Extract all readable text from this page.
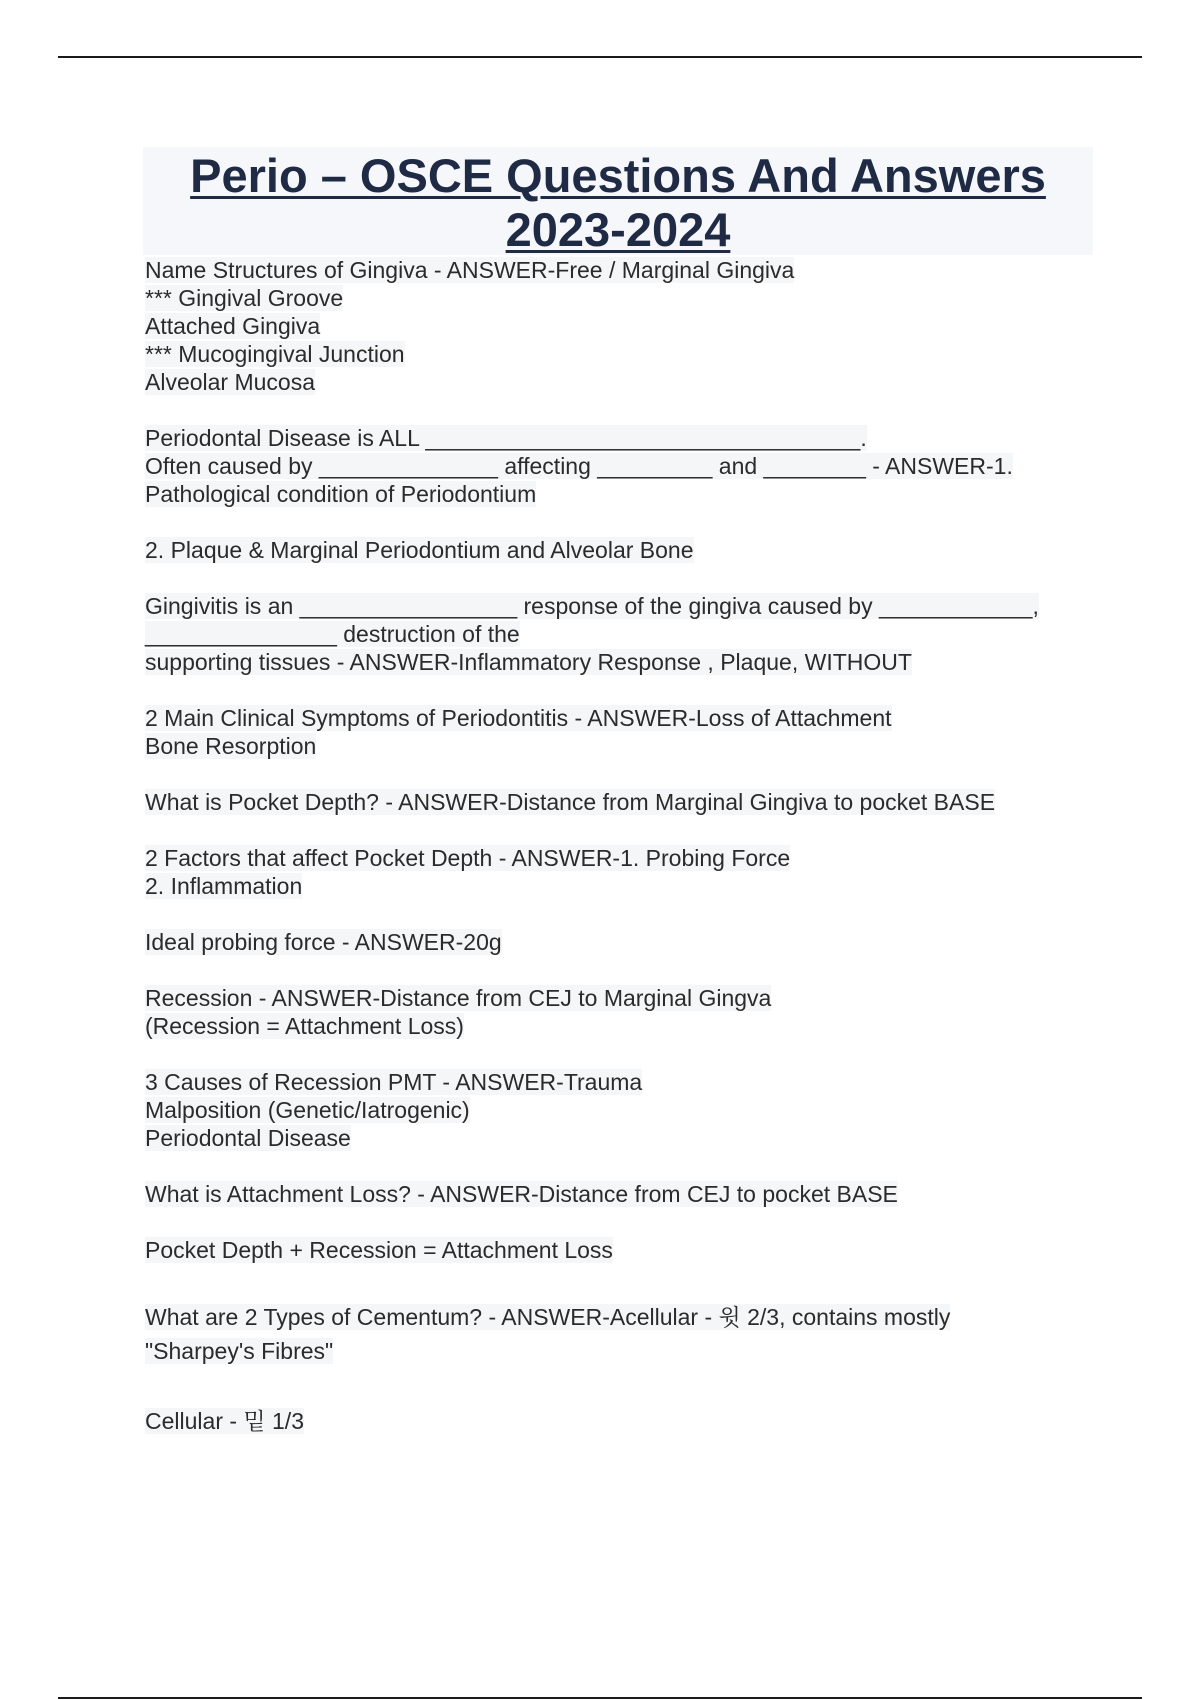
Perio – OSCE Questions And Answers
2023-2024
Name Structures of Gingiva - ANSWER-Free / Marginal Gingiva
*** Gingival Groove
Attached Gingiva
*** Mucogingival Junction
Alveolar Mucosa
Periodontal Disease is ALL __________________________________.
Often caused by ______________ affecting _________ and ________ - ANSWER-1.
Pathological condition of Periodontium
2. Plaque & Marginal Periodontium and Alveolar Bone
Gingivitis is an _________________ response of the gingiva caused by ____________,
_______________ destruction of the
supporting tissues - ANSWER-Inflammatory Response , Plaque, WITHOUT
2 Main Clinical Symptoms of Periodontitis - ANSWER-Loss of Attachment
Bone Resorption
What is Pocket Depth? - ANSWER-Distance from Marginal Gingiva to pocket BASE
2 Factors that affect Pocket Depth - ANSWER-1. Probing Force
2. Inflammation
Ideal probing force - ANSWER-20g
Recession - ANSWER-Distance from CEJ to Marginal Gingva
(Recession = Attachment Loss)
3 Causes of Recession PMT - ANSWER-Trauma
Malposition (Genetic/Iatrogenic)
Periodontal Disease
What is Attachment Loss? - ANSWER-Distance from CEJ to pocket BASE
Pocket Depth + Recession = Attachment Loss
What are 2 Types of Cementum? - ANSWER-Acellular - 윗 2/3, contains mostly
"Sharpey's Fibres"
Cellular - 밑 1/3
